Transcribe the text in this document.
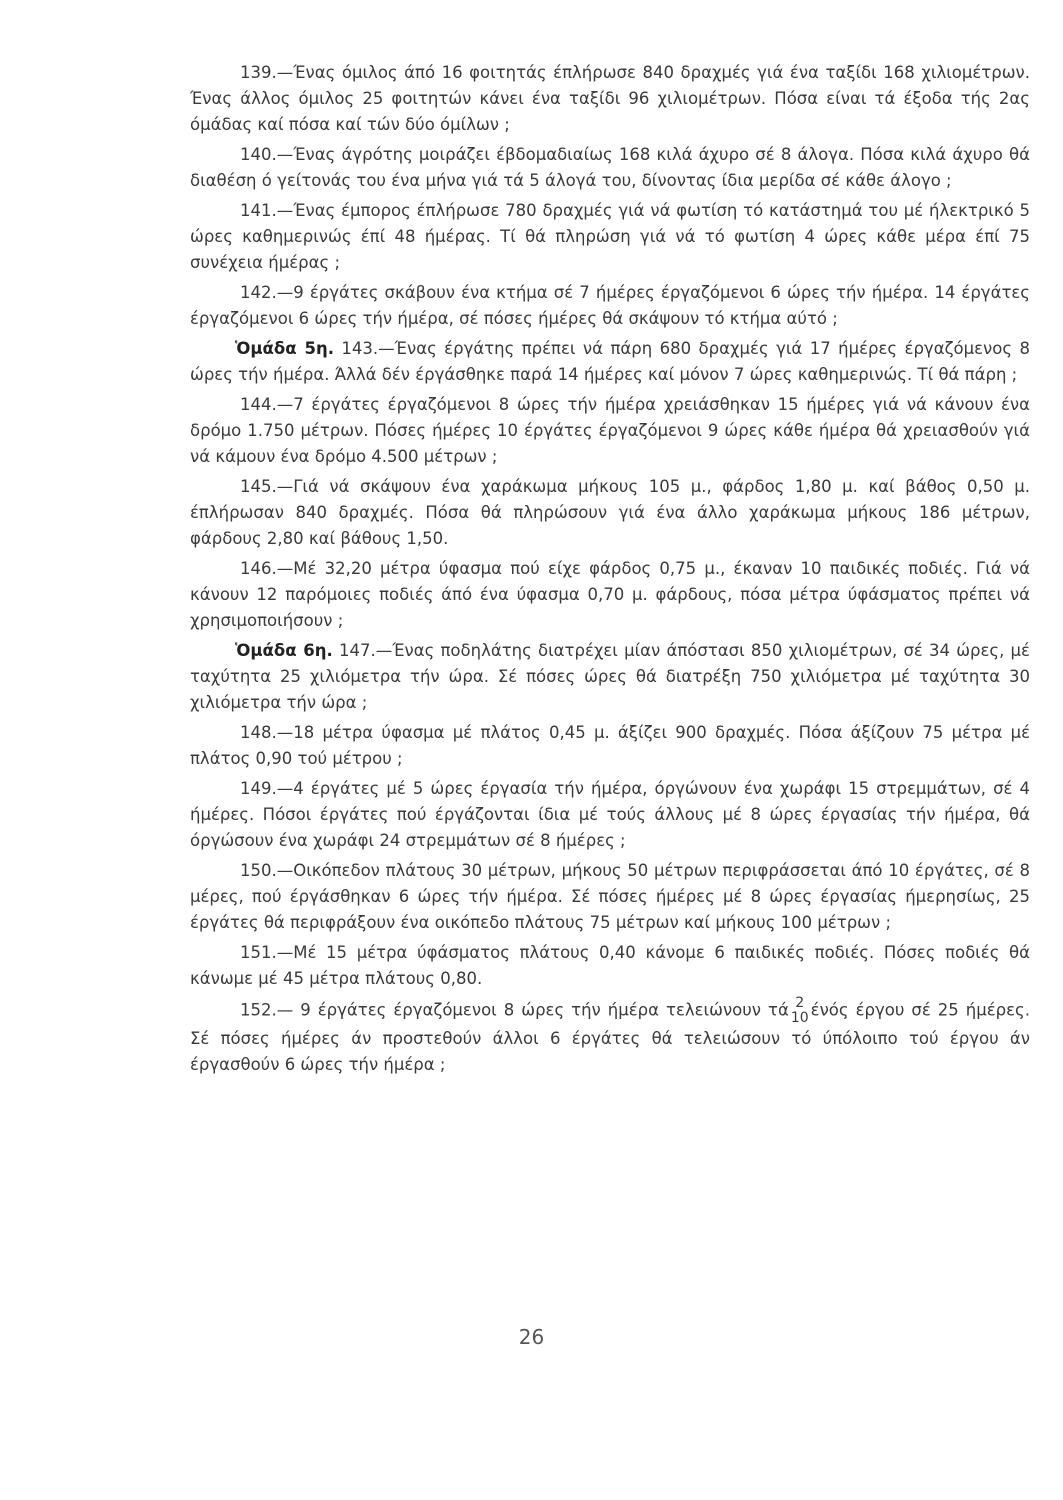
139.—Ένας όμιλος άπό 16 φοιτητάς έπλήρωσε 840 δραχμές γιά ένα ταξίδι 168 χιλιομέτρων. Ένας άλλος όμιλος 25 φοιτητών κάνει ένα ταξίδι 96 χιλιομέτρων. Πόσα είναι τά έξοδα τής 2ας όμάδας καί πόσα καί τών δύο όμίλων ;

140.—Ένας άγρότης μοιράζει έβδομαδιαίως 168 κιλά άχυρο σέ 8 άλογα. Πόσα κιλά άχυρο θά διαθέση ό γείτονάς του ένα μήνα γιά τά 5 άλογά του, δίνοντας ίδια μερίδα σέ κάθε άλογο ;

141.—Ένας έμπορος έπλήρωσε 780 δραχμές γιά νά φωτίση τό κατάστημά του μέ ήλεκτρικό 5 ώρες καθημερινώς έπί 48 ήμέρας. Τί θά πληρώση γιά νά τό φωτίση 4 ώρες κάθε μέρα έπί 75 συνέχεια ήμέρας ;

142.—9 έργάτες σκάβουν ένα κτήμα σέ 7 ήμέρες έργαζόμενοι 6 ώρες τήν ήμέρα. 14 έργάτες έργαζόμενοι 6 ώρες τήν ήμέρα, σέ πόσες ήμέρες θά σκάψουν τό κτήμα αύτό ;

Ὁμάδα 5η. 143.—Ένας έργάτης πρέπει νά πάρη 680 δραχμές γιά 17 ήμέρες έργαζόμενος 8 ώρες τήν ήμέρα. Άλλά δέν έργάσθηκε παρά 14 ήμέρες καί μόνον 7 ώρες καθημερινώς. Τί θά πάρη ;

144.—7 έργάτες έργαζόμενοι 8 ώρες τήν ήμέρα χρειάσθηκαν 15 ήμέρες γιά νά κάνουν ένα δρόμο 1.750 μέτρων. Πόσες ήμέρες 10 έργάτες έργαζόμενοι 9 ώρες κάθε ήμέρα θά χρειασθούν γιά νά κάμουν ένα δρόμο 4.500 μέτρων ;

145.—Γιά νά σκάψουν ένα χαράκωμα μήκους 105 μ., φάρδος 1,80 μ. καί βάθος 0,50 μ. έπλήρωσαν 840 δραχμές. Πόσα θά πληρώσουν γιά ένα άλλο χαράκωμα μήκους 186 μέτρων, φάρδους 2,80 καί βάθους 1,50.

146.—Μέ 32,20 μέτρα ύφασμα πού είχε φάρδος 0,75 μ., έκαναν 10 παιδικές ποδιές. Γιά νά κάνουν 12 παρόμοιες ποδιές άπό ένα ύφασμα 0,70 μ. φάρδους, πόσα μέτρα ύφάσματος πρέπει νά χρησιμοποιήσουν ;

Ὁμάδα 6η. 147.—Ένας ποδηλάτης διατρέχει μίαν άπόστασι 850 χιλιομέτρων, σέ 34 ώρες, μέ ταχύτητα 25 χιλιόμετρα τήν ώρα. Σέ πόσες ώρες θά διατρέξη 750 χιλιόμετρα μέ ταχύτητα 30 χιλιόμετρα τήν ώρα ;

148.—18 μέτρα ύφασμα μέ πλάτος 0,45 μ. άξίζει 900 δραχμές. Πόσα άξίζουν 75 μέτρα μέ πλάτος 0,90 τού μέτρου ;

149.—4 έργάτες μέ 5 ώρες έργασία τήν ήμέρα, όργώνουν ένα χωράφι 15 στρεμμάτων, σέ 4 ήμέρες. Πόσοι έργάτες πού έργάζονται ίδια μέ τούς άλλους μέ 8 ώρες έργασίας τήν ήμέρα, θά όργώσουν ένα χωράφι 24 στρεμμάτων σέ 8 ήμέρες ;

150.—Οικόπεδον πλάτους 30 μέτρων, μήκους 50 μέτρων περιφράσσεται άπό 10 έργάτες, σέ 8 μέρες, πού έργάσθηκαν 6 ώρες τήν ήμέρα. Σέ πόσες ήμέρες μέ 8 ώρες έργασίας ήμερησίως, 25 έργάτες θά περιφράξουν ένα οικόπεδο πλάτους 75 μέτρων καί μήκους 100 μέτρων ;

151.—Μέ 15 μέτρα ύφάσματος πλάτους 0,40 κάνομε 6 παιδικές ποδιές. Πόσες ποδιές θά κάνωμε μέ 45 μέτρα πλάτους 0,80.

152.— 9 έργάτες έργαζόμενοι 8 ώρες τήν ήμέρα τελειώνουν τά 2
10 ένός έργου σέ 25 ήμέρες. Σέ πόσες ήμέρες άν προστεθούν άλλοι 6 έργάτες θά τελειώσουν τό ύπόλοιπο τού έργου άν έργασθούν 6 ώρες τήν ήμέρα ;

26
